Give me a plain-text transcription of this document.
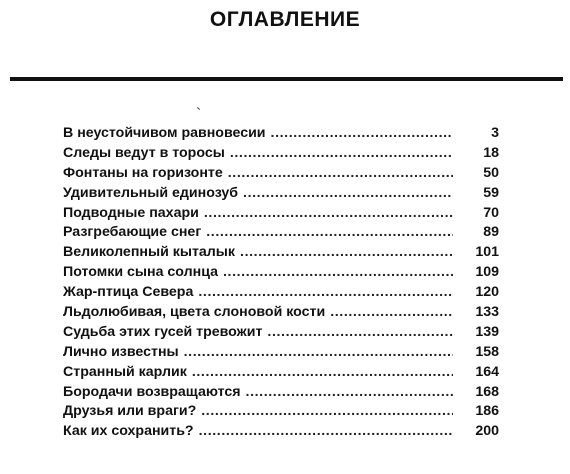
ОГЛАВЛЕНИЕ
В неустойчивом равновесии .....	3
Следы ведут в торосы .....	18
Фонтаны на горизонте .....	50
Удивительный единозуб .....	59
Подводные пахари .....	70
Разгребающие снег .....	89
Великолепный кыталык .....	101
Потомки сына солнца .....	109
Жар-птица Севера .....	120
Льдолюбивая, цвета слоновой кости .....	133
Судьба этих гусей тревожит .....	139
Лично известны .....	158
Странный карлик .....	164
Бородачи возвращаются .....	168
Друзья или враги? .....	186
Как их сохранить? .....	200
